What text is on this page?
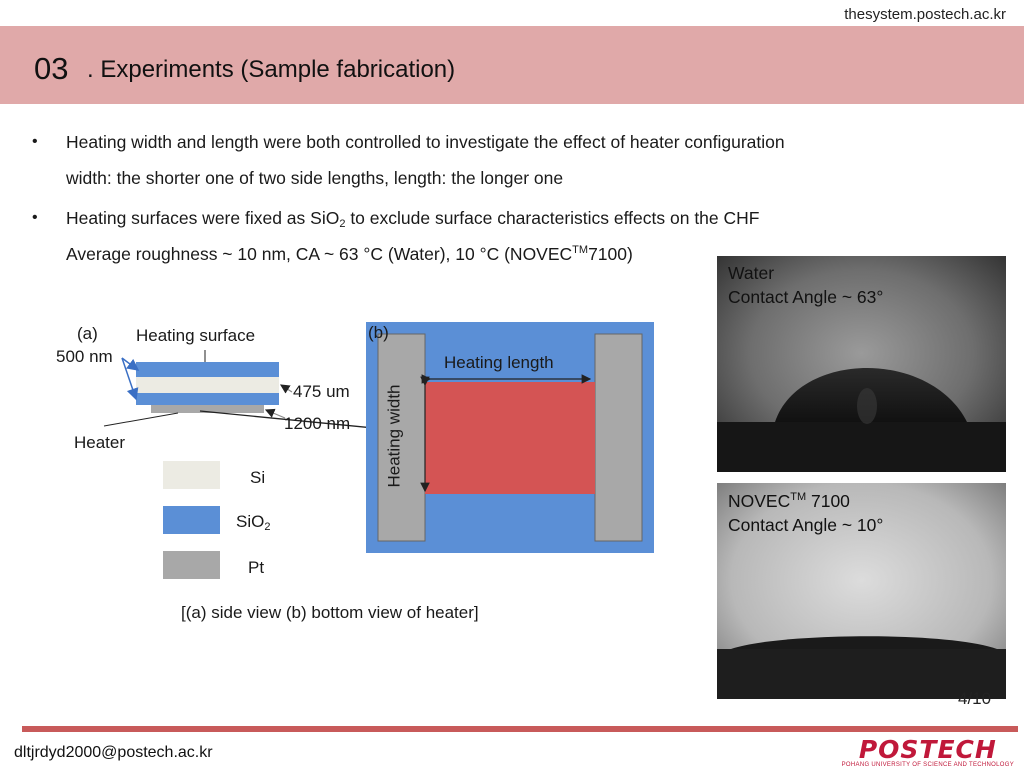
thesystem.postech.ac.kr
03 . Experiments (Sample fabrication)
• Heating width and length were both controlled to investigate the effect of heater configuration
width: the shorter one of two side lengths, length: the longer one
• Heating surfaces were fixed as SiO$_2$ to exclude surface characteristics effects on the CHF
Average roughness ~ 10 nm, CA ~ 63 °C (Water), 10 °C (NOVEC™7100)
(a) Heating surface
500 nm
475 um
1200 nm
Heater
(b)
Heating length
Heating width
Si
SiO$_2$
Pt
[(a) side view (b) bottom view of heater]
Water
Contact Angle ~ 63°
NOVEC™ 7100
Contact Angle ~ 10°
4/10
dltjrdyd2000@postech.ac.kr	POSTECH
POHANG UNIVERSITY OF SCIENCE AND TECHNOLOGY
